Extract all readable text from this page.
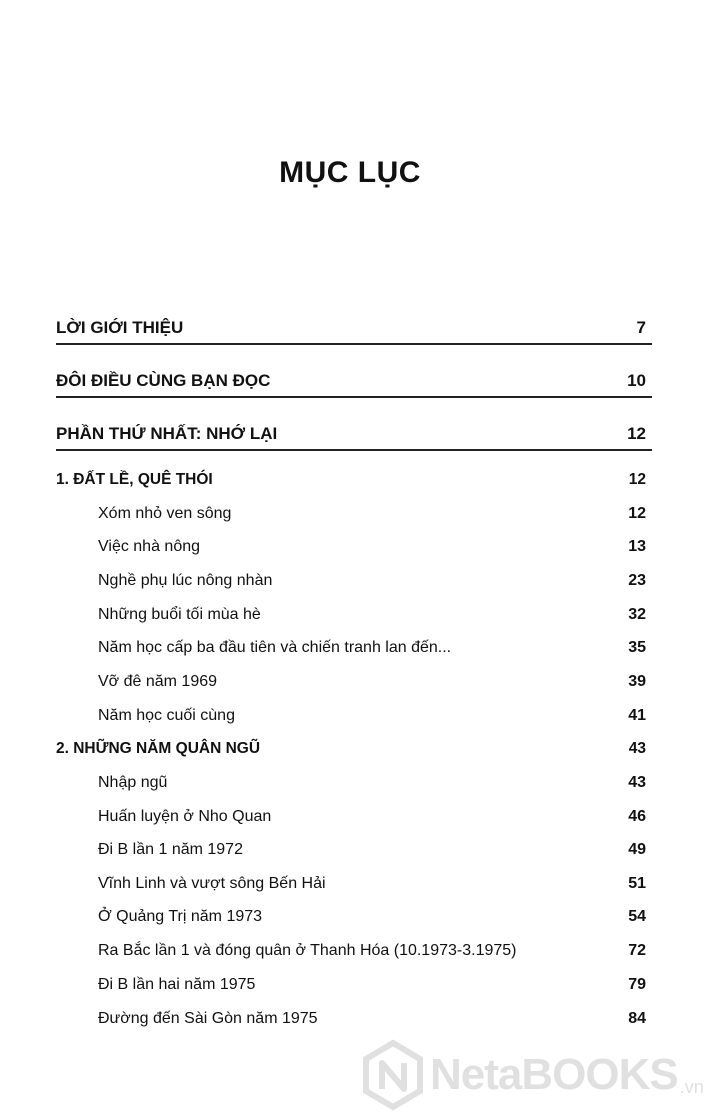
MỤC LỤC
LỜI GIỚI THIỆU	7
ĐÔI ĐIỀU CÙNG BẠN ĐỌC	10
PHẦN THỨ NHẤT: NHỚ LẠI	12
1. ĐẤT LỀ, QUÊ THÓI	12
Xóm nhỏ ven sông	12
Việc nhà nông	13
Nghề phụ lúc nông nhàn	23
Những buổi tối mùa hè	32
Năm học cấp ba đầu tiên và chiến tranh lan đến...	35
Vỡ đê năm 1969	39
Năm học cuối cùng	41
2. NHỮNG NĂM QUÂN NGŨ	43
Nhập ngũ	43
Huấn luyện ở Nho Quan	46
Đi B lần 1 năm 1972	49
Vĩnh Linh và vượt sông Bến Hải	51
Ở Quảng Trị năm 1973	54
Ra Bắc lần 1 và đóng quân ở Thanh Hóa (10.1973-3.1975)	72
Đi B lần hai năm 1975	79
Đường đến Sài Gòn năm 1975	84
NetaBOOKS .vn
